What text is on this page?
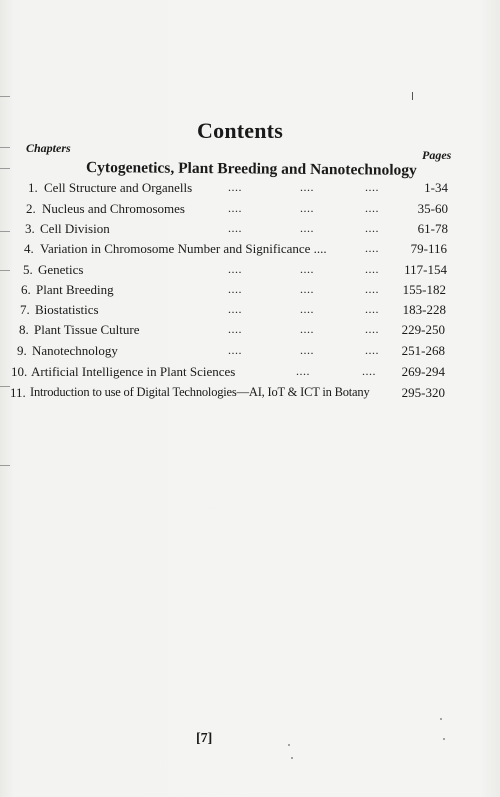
Contents
Chapters	Pages
Cytogenetics, Plant Breeding and Nanotechnology
1. Cell Structure and Organells	....	....	....	1-34
2. Nucleus and Chromosomes	....	....	....	35-60
3. Cell Division	....	....	....	61-78
4. Variation in Chromosome Number and Significance ....	.... 79-116
5. Genetics	....	....	.... 117-154
6. Plant Breeding	....	....	.... 155-182
7. Biostatistics	....	....	.... 183-228
8. Plant Tissue Culture	....	....	.... 229-250
9. Nanotechnology	....	....	.... 251-268
10. Artificial Intelligence in Plant Sciences	....	.... 269-294
11. Introduction to use of Digital Technologies—AI, IoT & ICT in Botany 295-320
[7]
